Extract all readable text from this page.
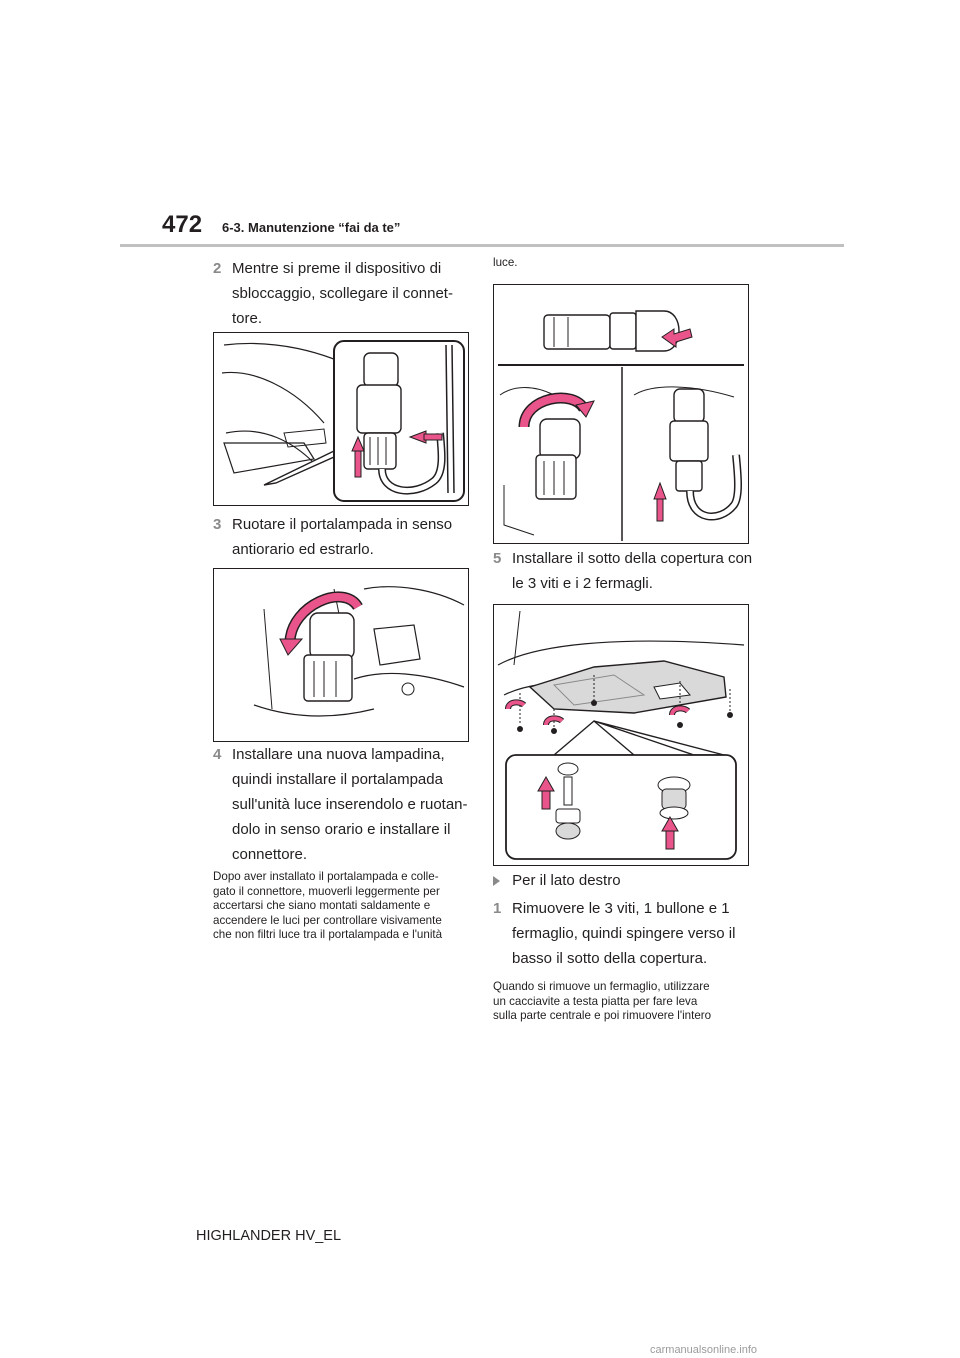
472 6-3. Manutenzione “fai da te”
2 Mentre si preme il dispositivo di
sbloccaggio, scollegare il connet-
tore.
3 Ruotare il portalampada in senso
antiorario ed estrarlo.
4 Installare una nuova lampadina,
quindi installare il portalampada
sull'unità luce inserendolo e ruotan-
dolo in senso orario e installare il
connettore.
Dopo aver installato il portalampada e colle-
gato il connettore, muoverli leggermente per
accertarsi che siano montati saldamente e
accendere le luci per controllare visivamente
che non filtri luce tra il portalampada e l'unità
luce.
5 Installare il sotto della copertura con
le 3 viti e i 2 fermagli.
Per il lato destro
1 Rimuovere le 3 viti, 1 bullone e 1
fermaglio, quindi spingere verso il
basso il sotto della copertura.
Quando si rimuove un fermaglio, utilizzare
un cacciavite a testa piatta per fare leva
sulla parte centrale e poi rimuovere l'intero
HIGHLANDER HV_EL
carmanualsonline.info
